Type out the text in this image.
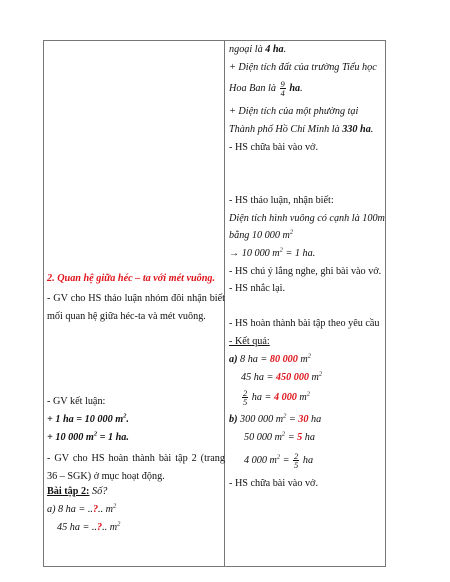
ngoại là 4 ha.
+ Diện tích đất của trường Tiểu học
Hoa Ban là $\frac{9}{4}$ ha.
+ Diện tích của một phường tại
Thành phố Hồ Chí Minh là 330 ha.
- HS chữa bài vào vở.
- HS thảo luận, nhận biết:
Diện tích hình vuông có cạnh là 100m
bằng 10 000 $m^2$
→ 10 000 $m^2 = 1$ ha.
- HS chú ý lắng nghe, ghi bài vào vở.
- HS nhắc lại.
- HS hoàn thành bài tập theo yêu cầu
- Kết quả:
a) 8 ha = 80 000 $m^2$
45 ha = 450 000 $m^2$
$\frac{2}{5}$ ha = 4 000 $m^2$
b) 300 000 $m^2 = 30$ ha
50 000 $m^2 = 5$ ha
4 000 $m^2 = \frac{2}{5}$ ha
- HS chữa bài vào vở.
2. Quan hệ giữa héc – ta với mét vuông.
- GV cho HS thảo luận nhóm đôi nhận biết mối quan hệ giữa héc-ta và mét vuông.
- GV kết luận:
+ 1 ha = 10 000 $m^2$.
+ 10 000 $m^2 = 1$ ha.
- GV cho HS hoàn thành bài tập 2 (trang 36 – SGK) ở mục hoạt động.
Bài tập 2: Số?
a) 8 ha = ..?.. $m^2$
45 ha = ..?.. $m^2$
